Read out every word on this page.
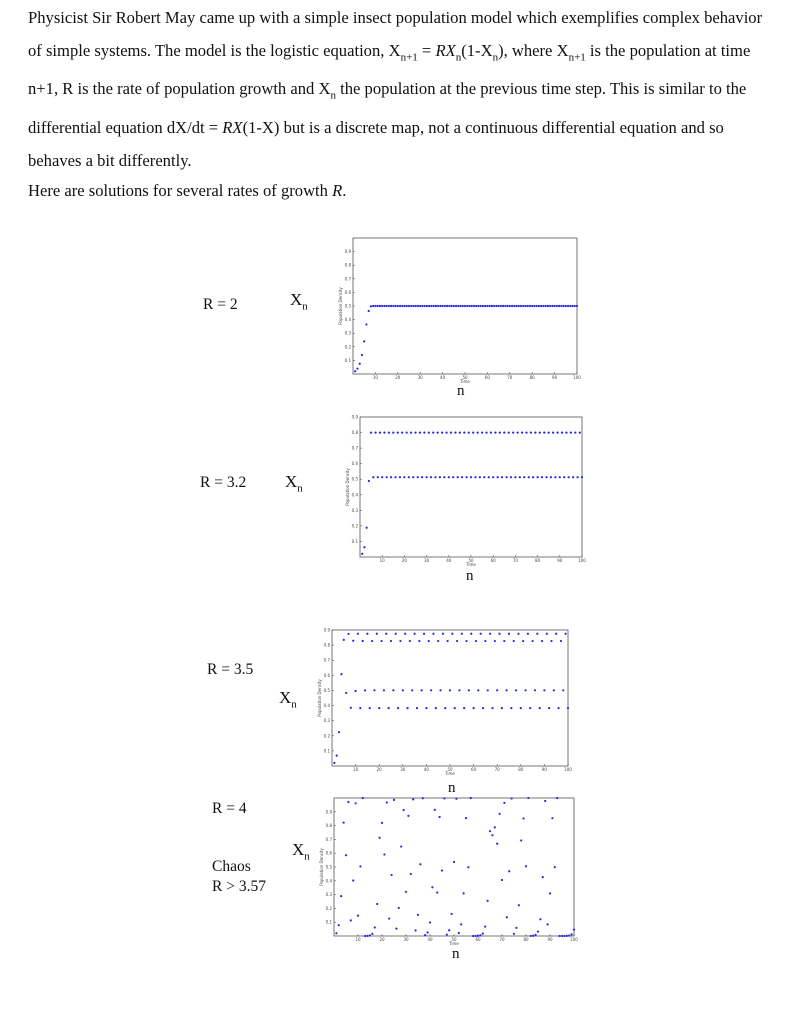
Physicist Sir Robert May came up with a simple insect population model which exemplifies complex behavior of simple systems. The model is the logistic equation, $X_{n+1} = RX_n(1-X_n)$, where $X_{n+1}$ is the population at time n+1, R is the rate of population growth and $X_n$ the population at the previous time step. This is similar to the differential equation dX/dt = RX(1-X) but is a discrete map, not a continuous differential equation and so behaves a bit differently.

Here are solutions for several rates of growth R.

R = 2	$X_n$
10	20	30	40	50	60	70	80	90	100
0.1
0.2
0.3
0.4
0.5
0.6
0.7
0.8
0.9
Population Density
Time
n
R = 3.2 $X_n$
10	20	30	40	50	60	70	80	90	100
0.1
0.2
0.3
0.4
0.5
0.6
0.7
0.8
0.9
Population Density
Time
n
R = 3.5
$X_n$
10	20	30	40	50	60	70	80	90	100
0.1
0.2
0.3
0.4
0.5
0.6
0.7
0.8
0.9
Population Density
Time
n
R = 4
Chaos
R > 3.57
$X_n$
10	20	30	40	50	60	70	80	90	100
0.1
0.2
0.3
0.4
0.5
0.6
0.7
0.8
0.9
Population Density
Time
n
